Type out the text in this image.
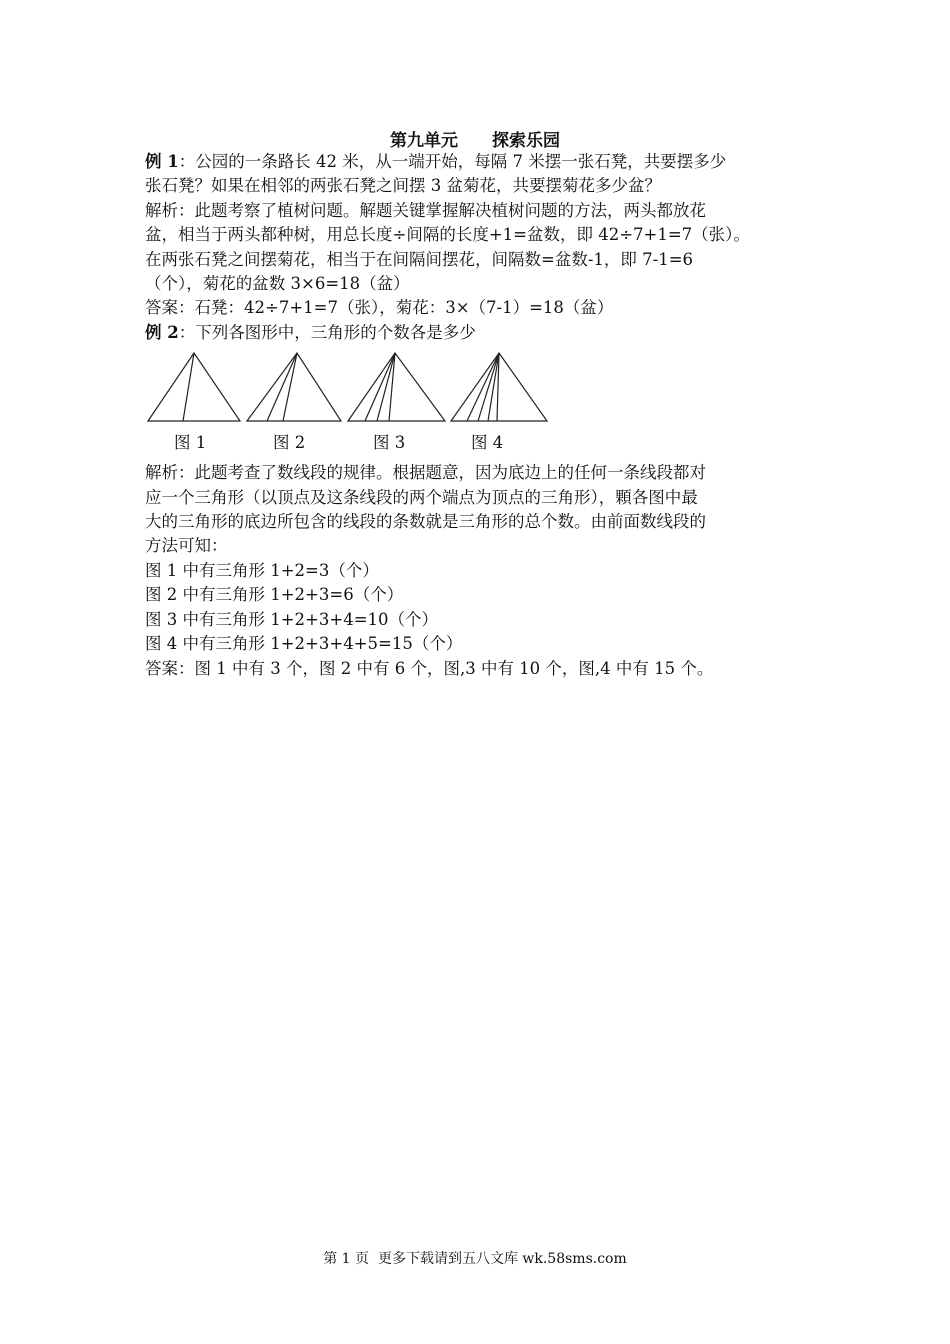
第九单元　　探索乐园
例 1：公园的一条路长 42 米，从一端开始，每隔 7 米摆一张石凳，共要摆多少
张石凳？如果在相邻的两张石凳之间摆 3 盆菊花，共要摆菊花多少盆？
解析：此题考察了植树问题。解题关键掌握解决植树问题的方法，两头都放花
盆，相当于两头都种树，用总长度÷间隔的长度+1=盆数，即 42÷7+1=7（张）。
在两张石凳之间摆菊花，相当于在间隔间摆花，间隔数=盆数-1，即 7-1=6
（个），菊花的盆数 3×6=18（盆）
答案：石凳：42÷7+1=7（张），菊花：3×（7-1）=18（盆）
例 2：下列各图形中，三角形的个数各是多少
图 1	图 2	图 3	图 4
解析：此题考查了数线段的规律。根据题意，因为底边上的任何一条线段都对
应一个三角形（以顶点及这条线段的两个端点为顶点的三角形），顆各图中最
大的三角形的底边所包含的线段的条数就是三角形的总个数。由前面数线段的
方法可知：
图 1 中有三角形 1+2=3（个）
图 2 中有三角形 1+2+3=6（个）
图 3 中有三角形 1+2+3+4=10（个）
图 4 中有三角形 1+2+3+4+5=15（个）
答案：图 1 中有 3 个，图 2 中有 6 个，图,3 中有 10 个，图,4 中有 15 个。
第 1 页  更多下载请到五八文库 wk.58sms.com
